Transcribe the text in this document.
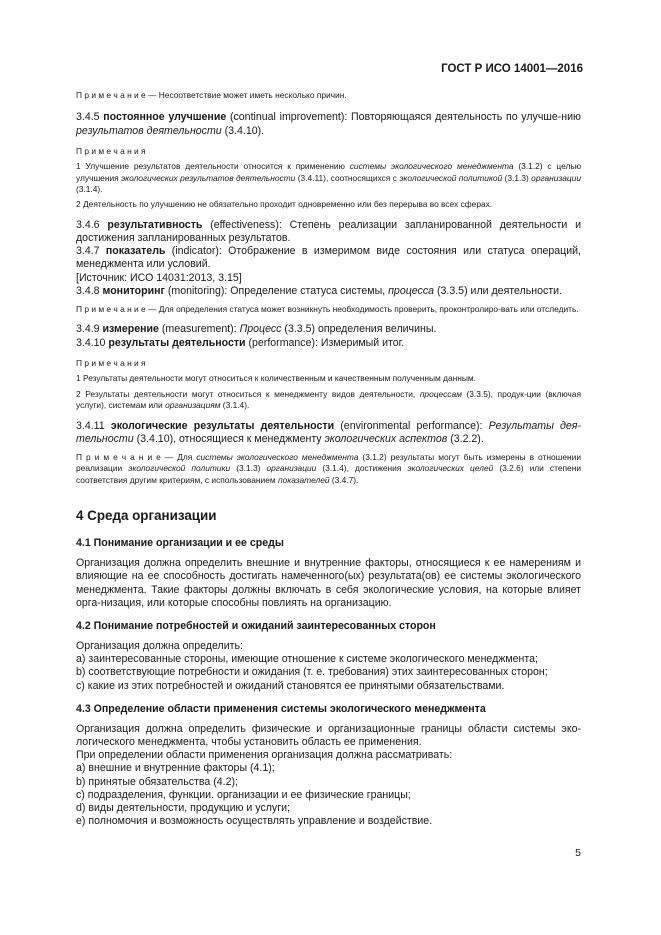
ГОСТ Р ИСО 14001—2016

П р и м е ч а н и е — Несоответствие может иметь несколько причин.

3.4.5 постоянное улучшение (continual improvement): Повторяющаяся деятельность по улучше-нию результатов деятельности (3.4.10).

П р и м е ч а н и я

1 Улучшение результатов деятельности относится к применению системы экологического менеджмента (3.1.2) с целью улучшения экологических результатов деятельности (3.4.11), соотносящихся с экологической политикой (3.1.3) организации (3.1.4).

2 Деятельность по улучшению не обязательно проходит одновременно или без перерыва во всех сферах.

3.4.6 результативность (effectiveness): Степень реализации запланированной деятельности и достижения запланированных результатов.

3.4.7 показатель (indicator): Отображение в измеримом виде состояния или статуса операций, менеджмента или условий.

[Источник: ИСО 14031:2013, 3.15]

3.4.8 мониторинг (monitoring): Определение статуса системы, процесса (3.3.5) или деятельности.

П р и м е ч а н и е — Для определения статуса может возникнуть необходимость проверить, проконтролиро-вать или отследить.

3.4.9 измерение (measurement): Процесс (3.3.5) определения величины.

3.4.10 результаты деятельности (performance): Измеримый итог.

П р и м е ч а н и я

1 Результаты деятельности могут относиться к количественным и качественным полученным данным.

2 Результаты деятельности могут относиться к менеджменту видов деятельности, процессам (3.3.5), продук-ции (включая услуги), системам или организациям (3.1.4).

3.4.11 экологические результаты деятельности (environmental performance): Результаты дея-тельности (3.4.10), относящиеся к менеджменту экологических аспектов (3.2.2).

П р и м е ч а н и е — Для системы экологического менеджмента (3.1.2) результаты могут быть измерены в отношении реализации экологической политики (3.1.3) организации (3.1.4), достижения экологических целей (3.2.6) или степени соответствия другим критериям, с использованием показателей (3.4.7).

4 Среда организации
4.1 Понимание организации и ее среды

Организация должна определить внешние и внутренние факторы, относящиеся к ее намерениям и влияющие на ее способность достигать намеченного(ых) результата(ов) ее системы экологического менеджмента. Такие факторы должны включать в себя экологические условия, на которые влияет орга-низация, или которые способны повлиять на организацию.

4.2 Понимание потребностей и ожиданий заинтересованных сторон

Организация должна определить:

а) заинтересованные стороны, имеющие отношение к системе экологического менеджмента;

b) соответствующие потребности и ожидания (т. е. требования) этих заинтересованных сторон;

с) какие из этих потребностей и ожиданий становятся ее принятыми обязательствами.

4.3 Определение области применения системы экологического менеджмента

Организация должна определить физические и организационные границы области системы эко-логического менеджмента, чтобы установить область ее применения.

При определении области применения организация должна рассматривать:

а) внешние и внутренние факторы (4.1);

b) принятые обязательства (4.2);

с) подразделения, функции. организации и ее физические границы;

d) виды деятельности, продукцию и услуги;

е) полномочия и возможность осуществлять управление и воздействие.

5
